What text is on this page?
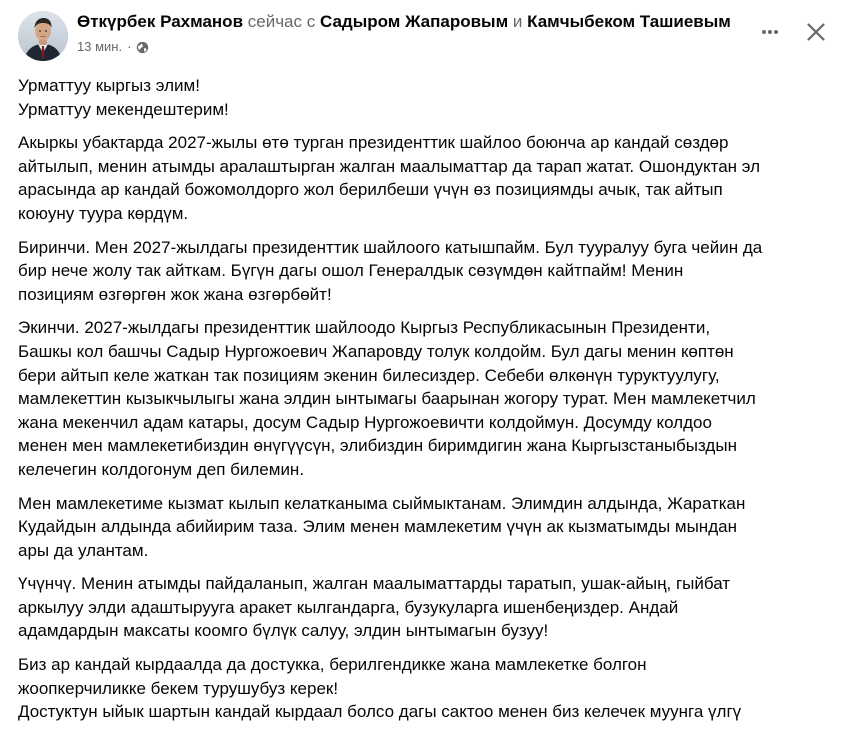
Өткүрбек Рахманов сейчас с Садыром Жапаровым и Камчыбеком Ташиевым
13 мин. ·

Урматтуу кыргыз элим!
Урматтуу мекендештерим!

Акыркы убактарда 2027-жылы өтө турган президенттик шайлоо боюнча ар кандай сөздөр
айтылып, менин атымды аралаштырган жалган маалыматтар да тарап жатат. Ошондуктан эл
арасында ар кандай божомолдорго жол берилбеши үчүн өз позициямды ачык, так айтып
коюуну туура көрдүм.

Биринчи. Мен 2027-жылдагы президенттик шайлоого катышпайм. Бул тууралуу буга чейин да
бир нече жолу так айткам. Бүгүн дагы ошол Генералдык сөзүмдөн кайтпайм! Менин
позициям өзгөргөн жок жана өзгөрбөйт!

Экинчи. 2027-жылдагы президенттик шайлоодо Кыргыз Республикасынын Президенти,
Башкы кол башчы Садыр Нургожоевич Жапаровду толук колдойм. Бул дагы менин көптөн
бери айтып келе жаткан так позициям экенин билесиздер. Себеби өлкөнүн туруктуулугу,
мамлекеттин кызыкчылыгы жана элдин ынтымагы баарынан жогору турат. Мен мамлекетчил
жана мекенчил адам катары, досум Садыр Нургожоевичти колдоймун. Досумду колдоо
менен мен мамлекетибиздин өнүгүүсүн, элибиздин биримдигин жана Кыргызстаныбыздын
келечегин колдогонум деп билемин.

Мен мамлекетиме кызмат кылып келатканыма сыймыктанам. Элимдин алдында, Жараткан
Кудайдын алдында абийирим таза. Элим менен мамлекетим үчүн ак кызматымды мындан
ары да улантам.

Үчүнчү. Менин атымды пайдаланып, жалган маалыматтарды таратып, ушак-айың, гыйбат
аркылуу элди адаштырууга аракет кылгандарга, бузукуларга ишенбеңиздер. Андай
адамдардын максаты коомго бүлүк салуу, элдин ынтымагын бузуу!

Биз ар кандай кырдаалда да достукка, берилгендикке жана мамлекетке болгон
жоопкерчиликке бекем турушубуз керек!
Достуктун ыйык шартын кандай кырдаал болсо дагы сактоо менен биз келечек муунга үлгү
